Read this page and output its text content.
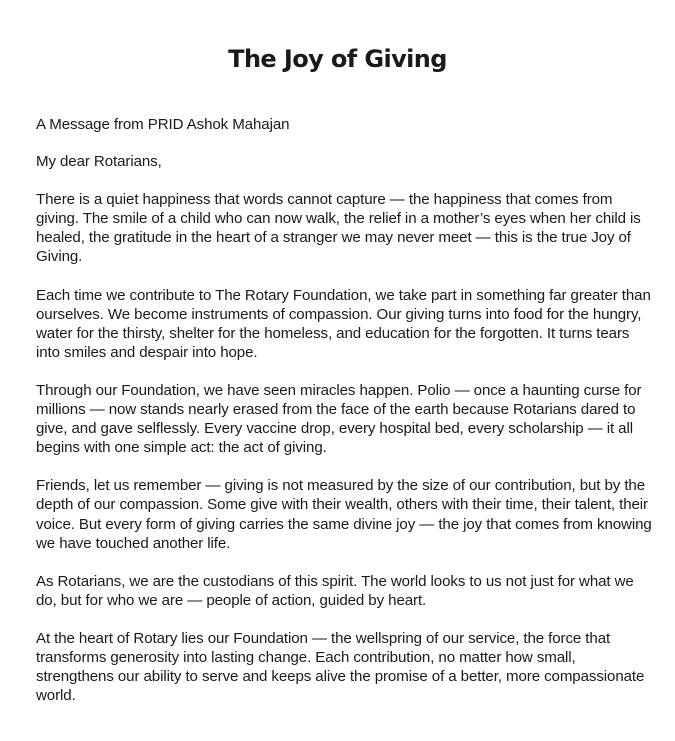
The Joy of Giving

A Message from PRID Ashok Mahajan

My dear Rotarians,

There is a quiet happiness that words cannot capture — the happiness that comes from giving. The smile of a child who can now walk, the relief in a mother’s eyes when her child is healed, the gratitude in the heart of a stranger we may never meet — this is the true Joy of Giving.

Each time we contribute to The Rotary Foundation, we take part in something far greater than ourselves. We become instruments of compassion. Our giving turns into food for the hungry, water for the thirsty, shelter for the homeless, and education for the forgotten. It turns tears into smiles and despair into hope.

Through our Foundation, we have seen miracles happen. Polio — once a haunting curse for millions — now stands nearly erased from the face of the earth because Rotarians dared to give, and gave selflessly. Every vaccine drop, every hospital bed, every scholarship — it all begins with one simple act: the act of giving.

Friends, let us remember — giving is not measured by the size of our contribution, but by the depth of our compassion. Some give with their wealth, others with their time, their talent, their voice. But every form of giving carries the same divine joy — the joy that comes from knowing we have touched another life.

As Rotarians, we are the custodians of this spirit. The world looks to us not just for what we do, but for who we are — people of action, guided by heart.

At the heart of Rotary lies our Foundation — the wellspring of our service, the force that transforms generosity into lasting change. Each contribution, no matter how small, strengthens our ability to serve and keeps alive the promise of a better, more compassionate world.
